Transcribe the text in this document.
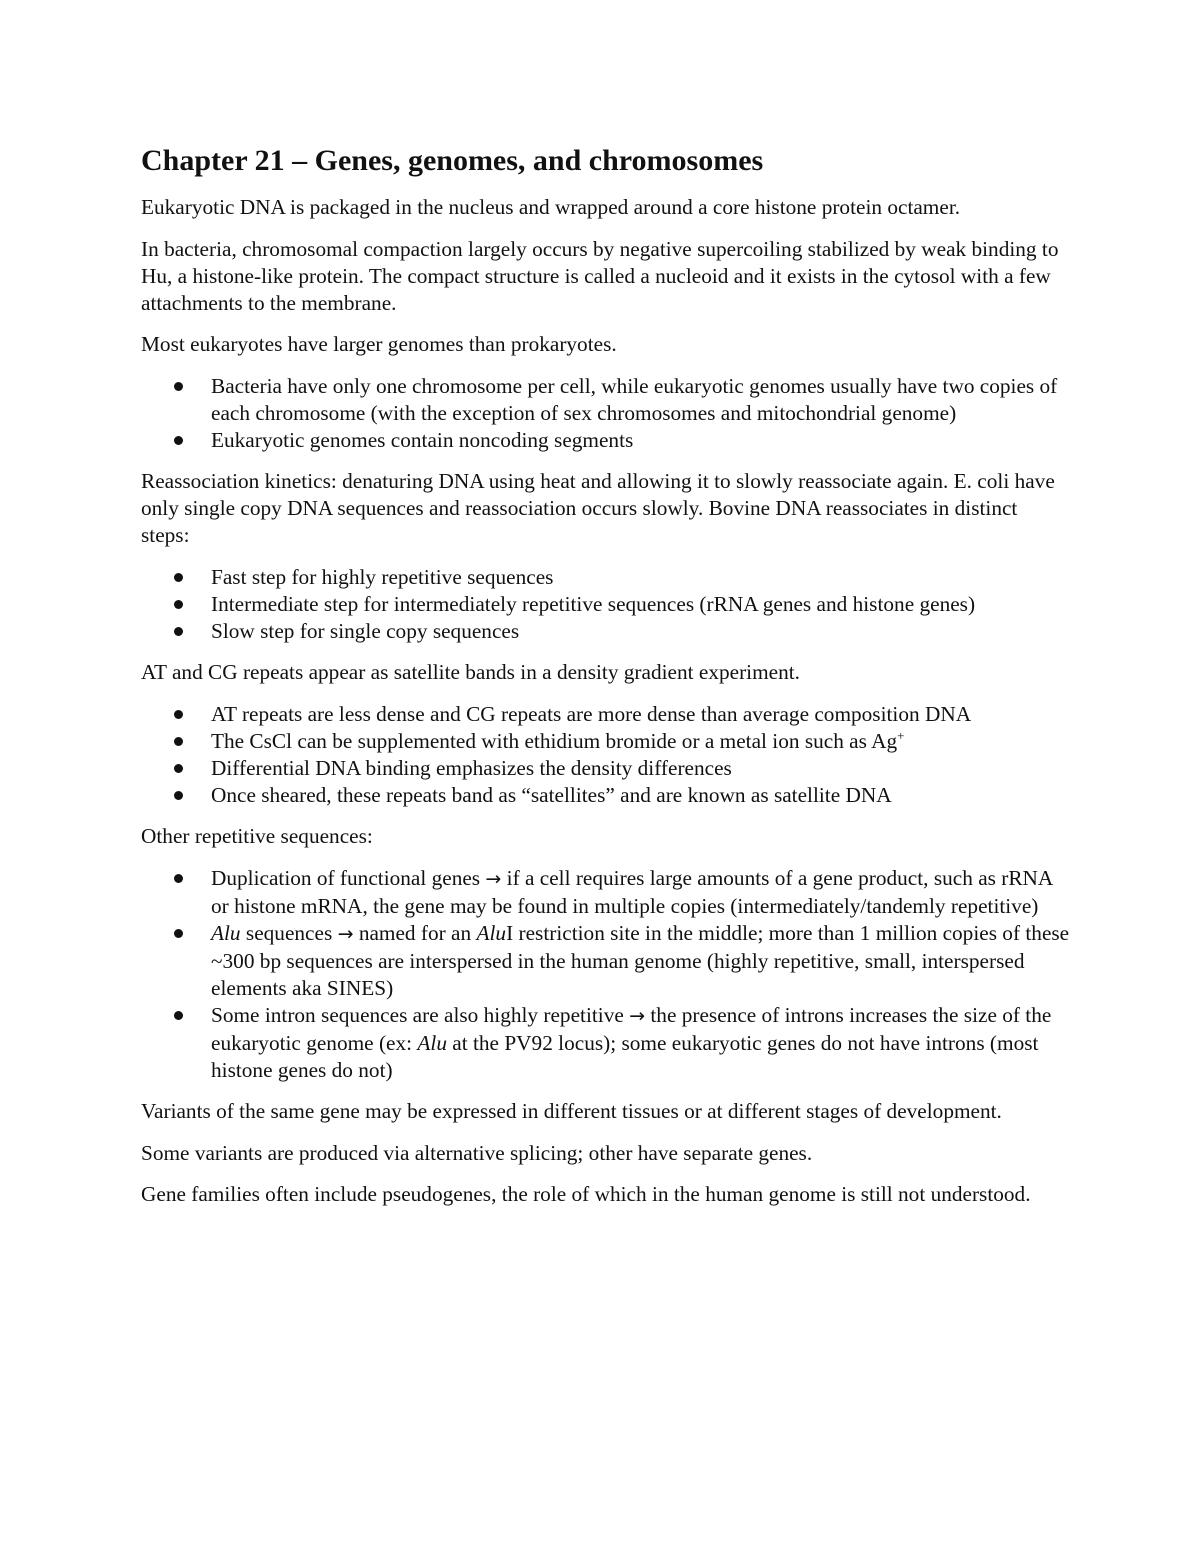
Chapter 21 – Genes, genomes, and chromosomes

Eukaryotic DNA is packaged in the nucleus and wrapped around a core histone protein octamer.

In bacteria, chromosomal compaction largely occurs by negative supercoiling stabilized by weak binding to Hu, a histone-like protein. The compact structure is called a nucleoid and it exists in the cytosol with a few attachments to the membrane.

Most eukaryotes have larger genomes than prokaryotes.

Bacteria have only one chromosome per cell, while eukaryotic genomes usually have two copies of each chromosome (with the exception of sex chromosomes and mitochondrial genome)
Eukaryotic genomes contain noncoding segments

Reassociation kinetics: denaturing DNA using heat and allowing it to slowly reassociate again. E. coli have only single copy DNA sequences and reassociation occurs slowly. Bovine DNA reassociates in distinct steps:

Fast step for highly repetitive sequences
Intermediate step for intermediately repetitive sequences (rRNA genes and histone genes)
Slow step for single copy sequences

AT and CG repeats appear as satellite bands in a density gradient experiment.

AT repeats are less dense and CG repeats are more dense than average composition DNA
The CsCl can be supplemented with ethidium bromide or a metal ion such as Ag+
Differential DNA binding emphasizes the density differences
Once sheared, these repeats band as “satellites” and are known as satellite DNA

Other repetitive sequences:

Duplication of functional genes → if a cell requires large amounts of a gene product, such as rRNA or histone mRNA, the gene may be found in multiple copies (intermediately/tandemly repetitive)
Alu sequences → named for an AluI restriction site in the middle; more than 1 million copies of these ~300 bp sequences are interspersed in the human genome (highly repetitive, small, interspersed elements aka SINES)
Some intron sequences are also highly repetitive → the presence of introns increases the size of the eukaryotic genome (ex: Alu at the PV92 locus); some eukaryotic genes do not have introns (most histone genes do not)

Variants of the same gene may be expressed in different tissues or at different stages of development.

Some variants are produced via alternative splicing; other have separate genes.

Gene families often include pseudogenes, the role of which in the human genome is still not understood.
